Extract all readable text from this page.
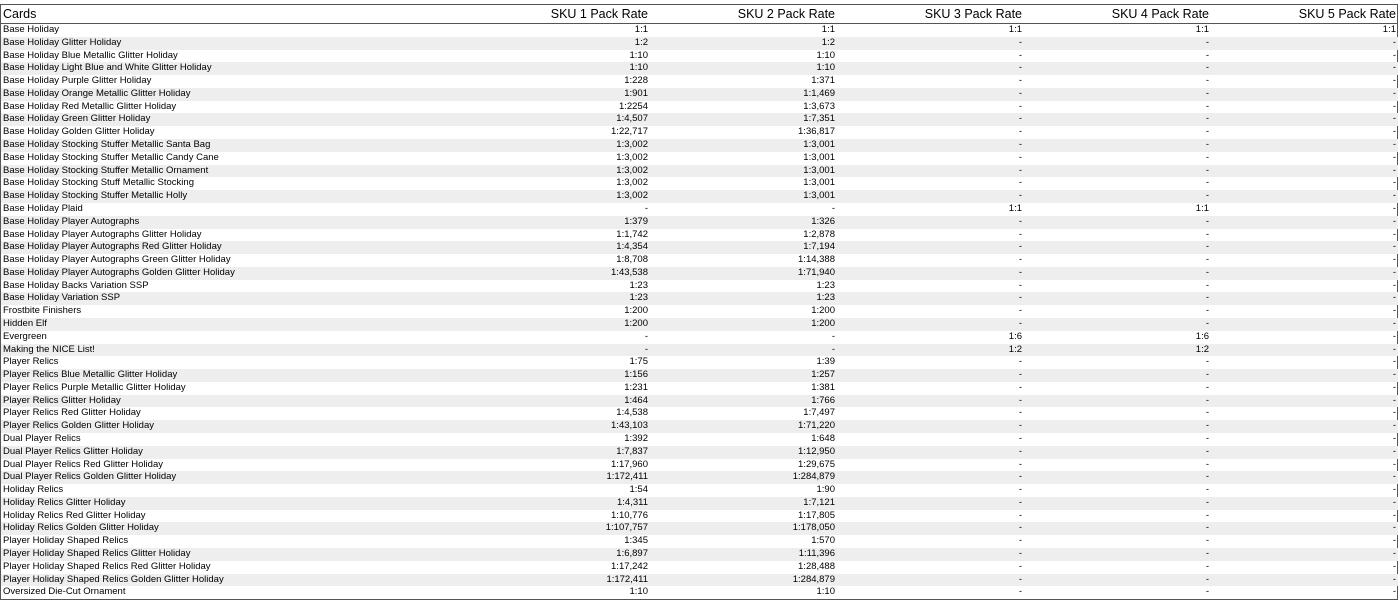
Cards	SKU 1 Pack Rate	SKU 2 Pack Rate	SKU 3 Pack Rate	SKU 4 Pack Rate	SKU 5 Pack Rate
Base Holiday	1:1	1:1	1:1	1:1	1:1
Base Holiday Glitter Holiday	1:2	1:2	-	-	-
Base Holiday Blue Metallic Glitter Holiday	1:10	1:10	-	-	-
Base Holiday Light Blue and White Glitter Holiday	1:10	1:10	-	-	-
Base Holiday Purple Glitter Holiday	1:228	1:371	-	-	-
Base Holiday Orange Metallic Glitter Holiday	1:901	1:1,469	-	-	-
Base Holiday Red Metallic Glitter Holiday	1:2254	1:3,673	-	-	-
Base Holiday Green Glitter Holiday	1:4,507	1:7,351	-	-	-
Base Holiday Golden Glitter Holiday	1:22,717	1:36,817	-	-	-
Base Holiday Stocking Stuffer Metallic Santa Bag	1:3,002	1:3,001	-	-	-
Base Holiday Stocking Stuffer Metallic Candy Cane	1:3,002	1:3,001	-	-	-
Base Holiday Stocking Stuffer Metallic Ornament	1:3,002	1:3,001	-	-	-
Base Holiday Stocking Stuff Metallic Stocking	1:3,002	1:3,001	-	-	-
Base Holiday Stocking Stuffer Metallic Holly	1:3,002	1:3,001	-	-	-
Base Holiday Plaid	-	-	1:1	1:1	-
Base Holiday Player Autographs	1:379	1:326	-	-	-
Base Holiday Player Autographs Glitter Holiday	1:1,742	1:2,878	-	-	-
Base Holiday Player Autographs Red Glitter Holiday	1:4,354	1:7,194	-	-	-
Base Holiday Player Autographs Green Glitter Holiday	1:8,708	1:14,388	-	-	-
Base Holiday Player Autographs Golden Glitter Holiday	1:43,538	1:71,940	-	-	-
Base Holiday Backs Variation SSP	1:23	1:23	-	-	-
Base Holiday Variation SSP	1:23	1:23	-	-	-
Frostbite Finishers	1:200	1:200	-	-	-
Hidden Elf	1:200	1:200	-	-	-
Evergreen	-	-	1:6	1:6	-
Making the NICE List!	-	-	1:2	1:2	-
Player Relics	1:75	1:39	-	-	-
Player Relics Blue Metallic Glitter Holiday	1:156	1:257	-	-	-
Player Relics Purple Metallic Glitter Holiday	1:231	1:381	-	-	-
Player Relics Glitter Holiday	1:464	1:766	-	-	-
Player Relics Red Glitter Holiday	1:4,538	1:7,497	-	-	-
Player Relics Golden Glitter Holiday	1:43,103	1:71,220	-	-	-
Dual Player Relics	1:392	1:648	-	-	-
Dual Player Relics Glitter Holiday	1:7,837	1:12,950	-	-	-
Dual Player Relics Red Glitter Holiday	1:17,960	1:29,675	-	-	-
Dual Player Relics Golden Glitter Holiday	1:172,411	1:284,879	-	-	-
Holiday Relics	1:54	1:90	-	-	-
Holiday Relics Glitter Holiday	1:4,311	1:7,121	-	-	-
Holiday Relics Red Glitter Holiday	1:10,776	1:17,805	-	-	-
Holiday Relics Golden Glitter Holiday	1:107,757	1:178,050	-	-	-
Player Holiday Shaped Relics	1:345	1:570	-	-	-
Player Holiday Shaped Relics Glitter Holiday	1:6,897	1:11,396	-	-	-
Player Holiday Shaped Relics Red Glitter Holiday	1:17,242	1:28,488	-	-	-
Player Holiday Shaped Relics Golden Glitter Holiday	1:172,411	1:284,879	-	-	-
Oversized Die-Cut Ornament	1:10	1:10	-	-	-
